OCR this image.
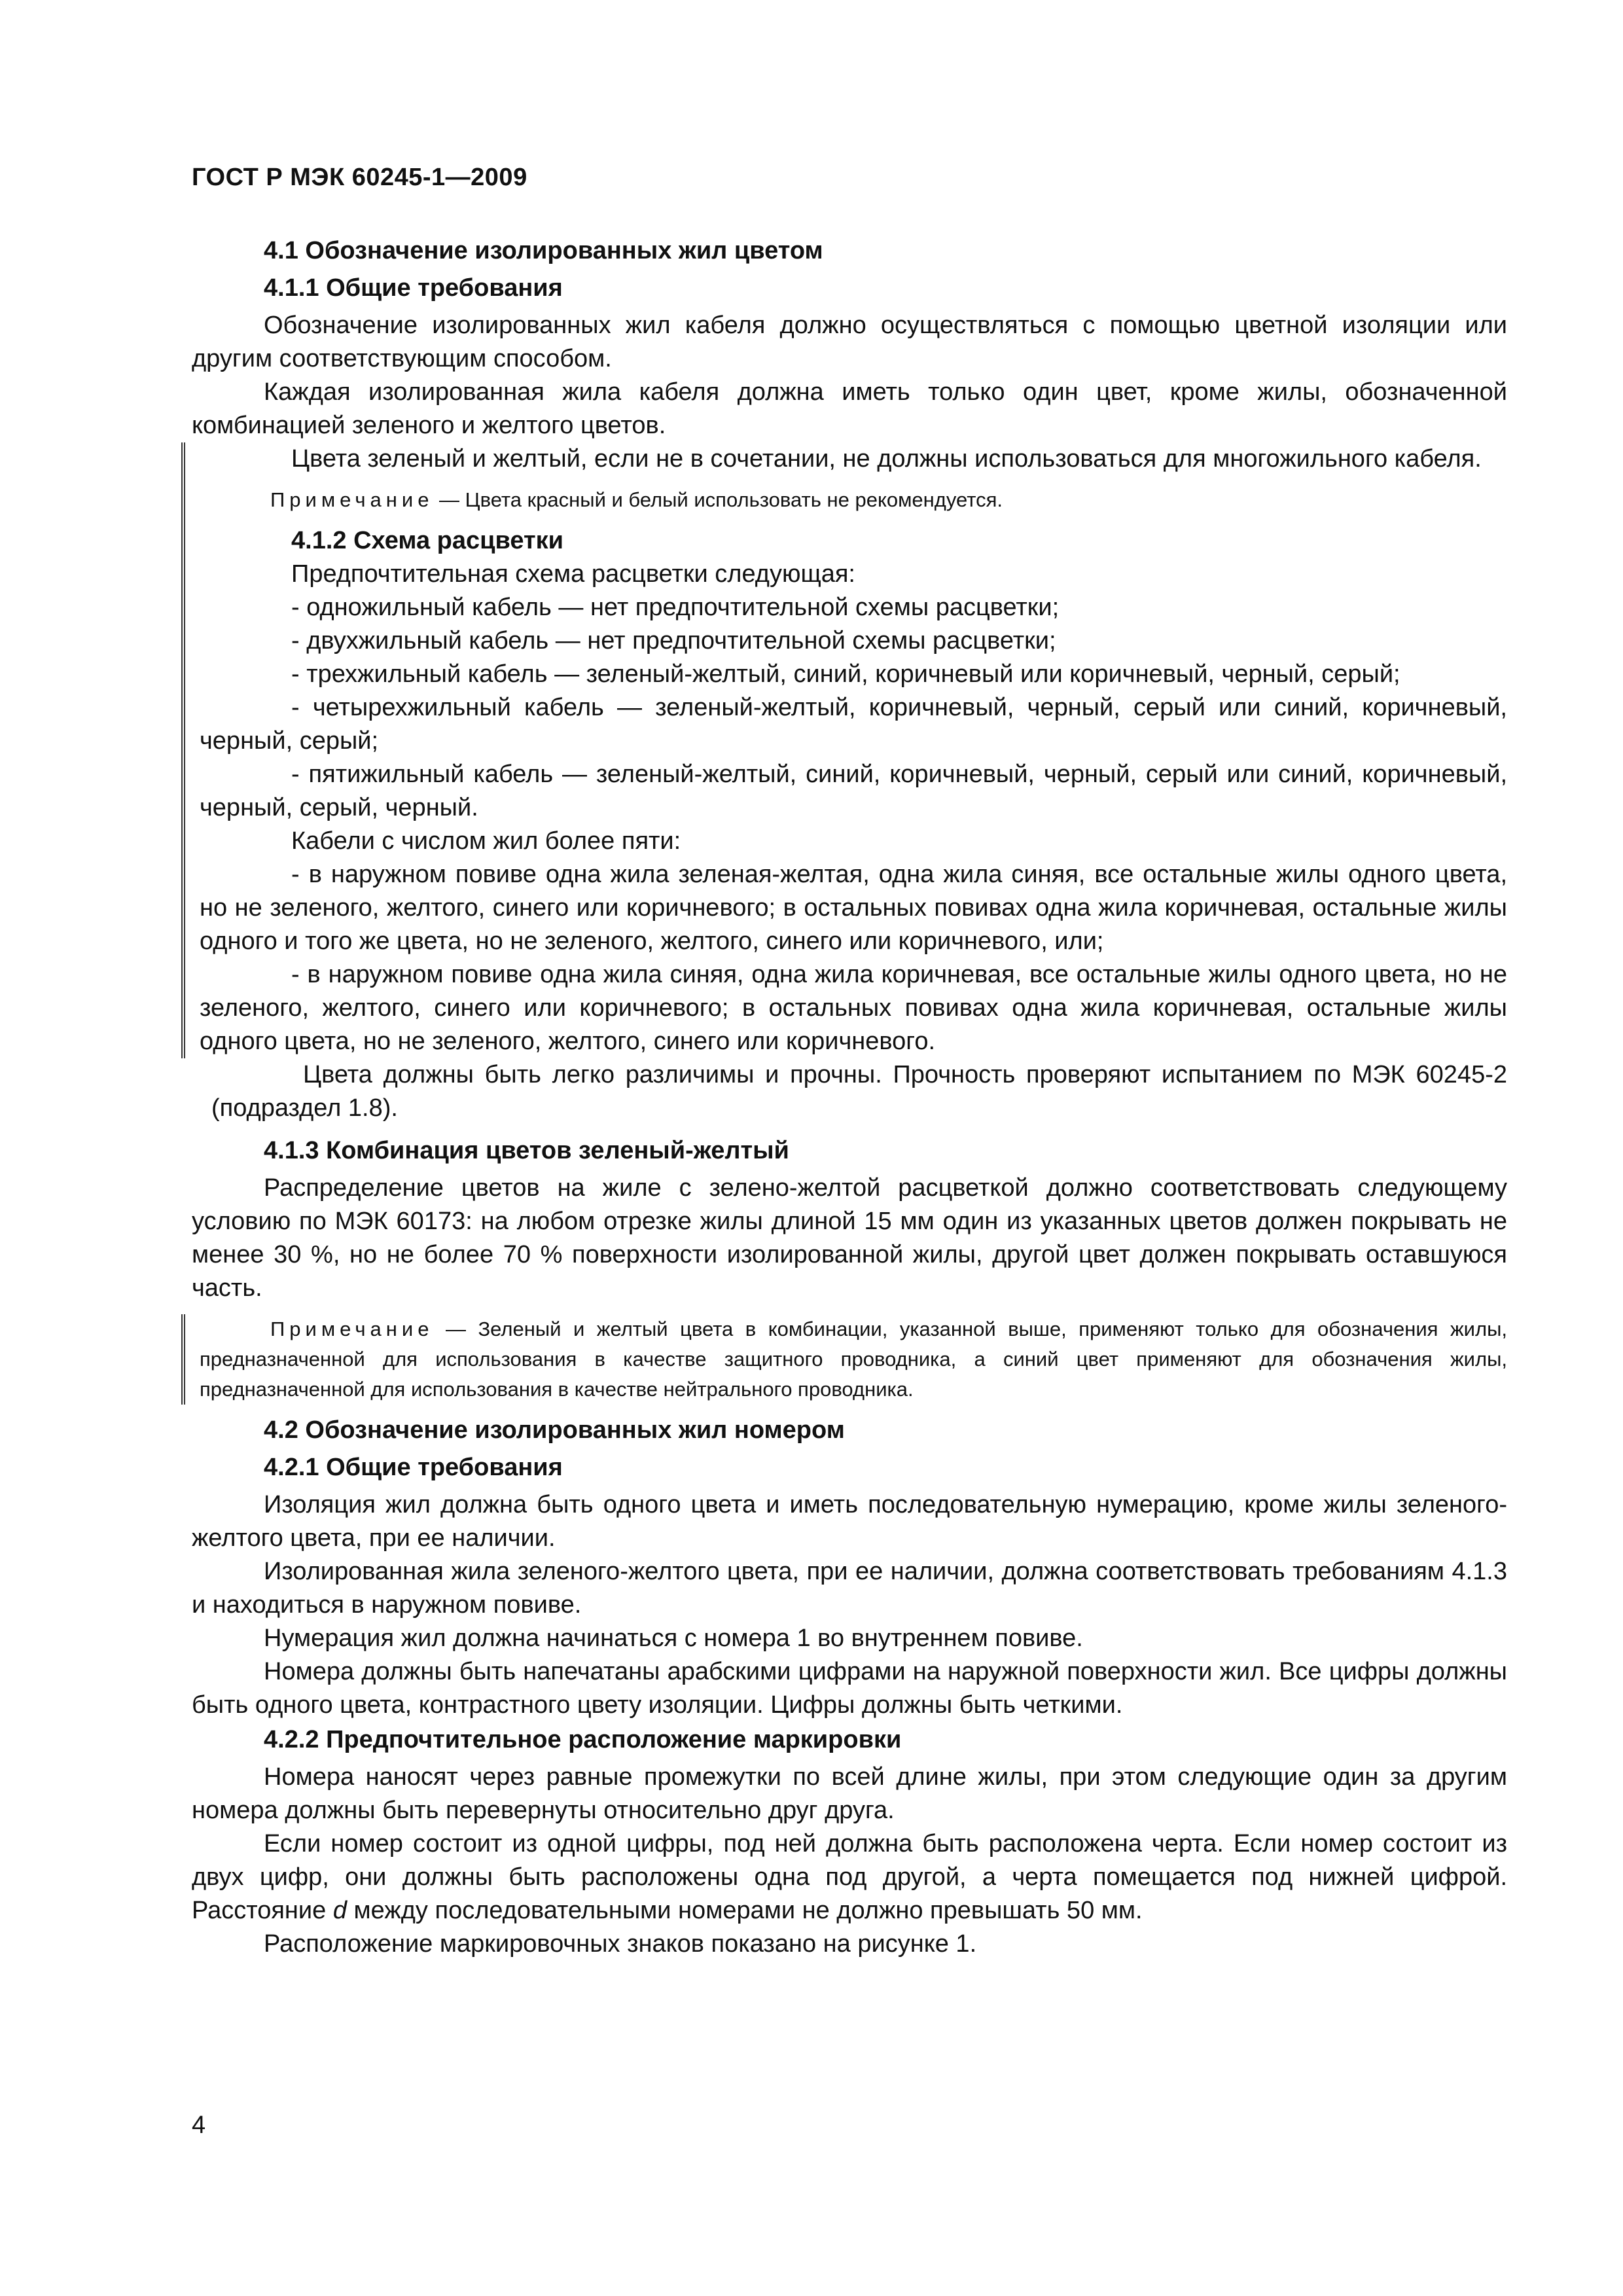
ГОСТ Р МЭК 60245-1—2009

4.1 Обозначение изолированных жил цветом

4.1.1 Общие требования

Обозначение изолированных жил кабеля должно осуществляться с помощью цветной изоляции или другим соответствующим способом.

Каждая изолированная жила кабеля должна иметь только один цвет, кроме жилы, обозначенной комбинацией зеленого и желтого цветов.

Цвета зеленый и желтый, если не в сочетании, не должны использоваться для многожильного кабеля.

Примечание — Цвета красный и белый использовать не рекомендуется.

4.1.2 Схема расцветки

Предпочтительная схема расцветки следующая:

- одножильный кабель — нет предпочтительной схемы расцветки;

- двухжильный кабель — нет предпочтительной схемы расцветки;

- трехжильный кабель — зеленый-желтый, синий, коричневый или коричневый, черный, серый;

- четырехжильный кабель — зеленый-желтый, коричневый, черный, серый или синий, коричневый, черный, серый;

- пятижильный кабель — зеленый-желтый, синий, коричневый, черный, серый или синий, коричневый, черный, серый, черный.

Кабели с числом жил более пяти:

- в наружном повиве одна жила зеленая-желтая, одна жила синяя, все остальные жилы одного цвета, но не зеленого, желтого, синего или коричневого; в остальных повивах одна жила коричневая, остальные жилы одного и того же цвета, но не зеленого, желтого, синего или коричневого, или;

- в наружном повиве одна жила синяя, одна жила коричневая, все остальные жилы одного цвета, но не зеленого, желтого, синего или коричневого; в остальных повивах одна жила коричневая, остальные жилы одного цвета, но не зеленого, желтого, синего или коричневого.

Цвета должны быть легко различимы и прочны. Прочность проверяют испытанием по МЭК 60245-2 (подраздел 1.8).

4.1.3 Комбинация цветов зеленый-желтый

Распределение цветов на жиле с зелено-желтой расцветкой должно соответствовать следующему условию по МЭК 60173: на любом отрезке жилы длиной 15 мм один из указанных цветов должен покрывать не менее 30 %, но не более 70 % поверхности изолированной жилы, другой цвет должен покрывать оставшуюся часть.

Примечание — Зеленый и желтый цвета в комбинации, указанной выше, применяют только для обозначения жилы, предназначенной для использования в качестве защитного проводника, а синий цвет применяют для обозначения жилы, предназначенной для использования в качестве нейтрального проводника.

4.2 Обозначение изолированных жил номером

4.2.1 Общие требования

Изоляция жил должна быть одного цвета и иметь последовательную нумерацию, кроме жилы зеленого-желтого цвета, при ее наличии.

Изолированная жила зеленого-желтого цвета, при ее наличии, должна соответствовать требованиям 4.1.3 и находиться в наружном повиве.

Нумерация жил должна начинаться с номера 1 во внутреннем повиве.

Номера должны быть напечатаны арабскими цифрами на наружной поверхности жил. Все цифры должны быть одного цвета, контрастного цвету изоляции. Цифры должны быть четкими.

4.2.2 Предпочтительное расположение маркировки

Номера наносят через равные промежутки по всей длине жилы, при этом следующие один за другим номера должны быть перевернуты относительно друг друга.

Если номер состоит из одной цифры, под ней должна быть расположена черта. Если номер состоит из двух цифр, они должны быть расположены одна под другой, а черта помещается под нижней цифрой. Расстояние d между последовательными номерами не должно превышать 50 мм.

Расположение маркировочных знаков показано на рисунке 1.

4
